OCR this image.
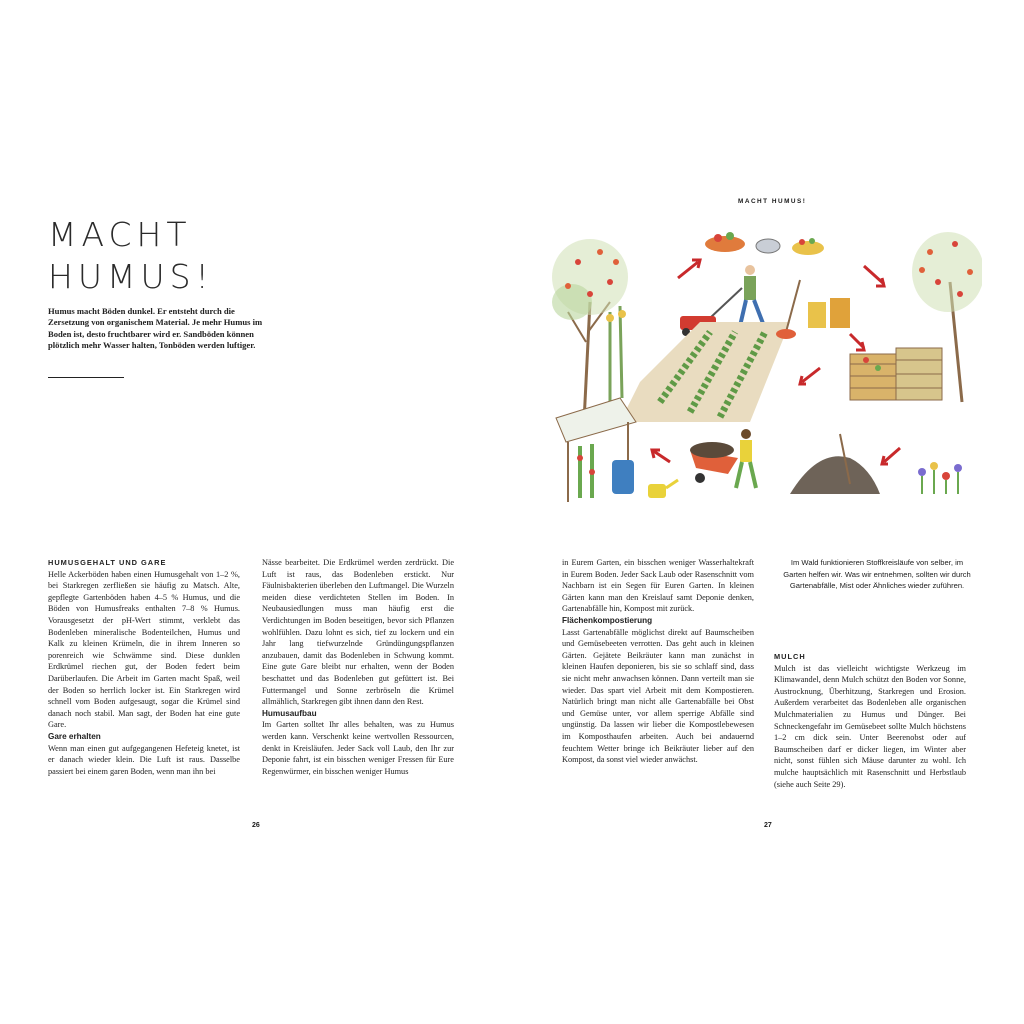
MACHT
HUMUS!
Humus macht Böden dunkel. Er entsteht durch die Zersetzung von organischem Material. Je mehr Humus im Boden ist, desto fruchtbarer wird er. Sandböden können plötzlich mehr Wasser halten, Tonböden werden luftiger.

HUMUSGEHALT UND GARE

Helle Ackerböden haben einen Humusgehalt von 1–2 %, bei Starkregen zerfließen sie häufig zu Matsch. Alte, gepflegte Gartenböden haben 4–5 % Humus, und die Böden von Humusfreaks enthalten 7–8 % Humus. Vorausgesetzt der pH-Wert stimmt, verklebt das Bodenleben mineralische Bodenteilchen, Humus und Kalk zu kleinen Krümeln, die in ihrem Inneren so porenreich wie Schwämme sind. Diese dunklen Erdkrümel riechen gut, der Boden federt beim Darüberlaufen. Die Arbeit im Garten macht Spaß, weil der Boden so herrlich locker ist. Ein Starkregen wird schnell vom Boden aufgesaugt, sogar die Krümel sind danach noch stabil. Man sagt, der Boden hat eine gute Gare.

Gare erhalten

Wenn man einen gut aufgegangenen Hefeteig knetet, ist er danach wieder klein. Die Luft ist raus. Dasselbe passiert bei einem garen Boden, wenn man ihn bei

Nässe bearbeitet. Die Erdkrümel werden zerdrückt. Die Luft ist raus, das Bodenleben erstickt. Nur Fäulnisbakterien überleben den Luftmangel. Die Wurzeln meiden diese verdichteten Stellen im Boden. In Neubausiedlungen muss man häufig erst die Verdichtungen im Boden beseitigen, bevor sich Pflanzen wohlfühlen. Dazu lohnt es sich, tief zu lockern und ein Jahr lang tiefwurzelnde Gründüngungspflanzen anzubauen, damit das Bodenleben in Schwung kommt. Eine gute Gare bleibt nur erhalten, wenn der Boden beschattet und das Bodenleben gut gefüttert ist. Bei Futtermangel und Sonne zerbröseln die Krümel allmählich, Starkregen gibt ihnen dann den Rest.

Humusaufbau

Im Garten solltet Ihr alles behalten, was zu Humus werden kann. Verschenkt keine wertvollen Ressourcen, denkt in Kreisläufen. Jeder Sack voll Laub, den Ihr zur Deponie fahrt, ist ein bisschen weniger Fressen für Eure Regenwürmer, ein bisschen weniger Humus

26
MACHT HUMUS!
Im Wald funktionieren Stoffkreisläufe von selber, im Garten helfen wir. Was wir entnehmen, sollten wir durch Gartenabfälle, Mist oder Ähnliches wieder zuführen.

in Eurem Garten, ein bisschen weniger Wasserhaltekraft in Eurem Boden. Jeder Sack Laub oder Rasenschnitt vom Nachbarn ist ein Segen für Euren Garten. In kleinen Gärten kann man den Kreislauf samt Deponie denken, Gartenabfälle hin, Kompost mit zurück.

Flächenkompostierung

Lasst Gartenabfälle möglichst direkt auf Baumscheiben und Gemüsebeeten verrotten. Das geht auch in kleinen Gärten. Gejätete Beikräuter kann man zunächst in kleinen Haufen deponieren, bis sie so schlaff sind, dass sie nicht mehr anwachsen können. Dann verteilt man sie wieder. Das spart viel Arbeit mit dem Kompostieren. Natürlich bringt man nicht alle Gartenabfälle bei Obst und Gemüse unter, vor allem sperrige Abfälle sind ungünstig. Da lassen wir lieber die Kompostlebewesen im Komposthaufen arbeiten. Auch bei andauernd feuchtem Wetter bringe ich Beikräuter lieber auf den Kompost, da sonst viel wieder anwächst.

MULCH

Mulch ist das vielleicht wichtigste Werkzeug im Klimawandel, denn Mulch schützt den Boden vor Sonne, Austrocknung, Überhitzung, Starkregen und Erosion. Außerdem verarbeitet das Bodenleben alle organischen Mulchmaterialien zu Humus und Dünger. Bei Schneckengefahr im Gemüsebeet sollte Mulch höchstens 1–2 cm dick sein. Unter Beerenobst oder auf Baumscheiben darf er dicker liegen, im Winter aber nicht, sonst fühlen sich Mäuse darunter zu wohl. Ich mulche hauptsächlich mit Rasenschnitt und Herbstlaub (siehe auch Seite 29).

27
